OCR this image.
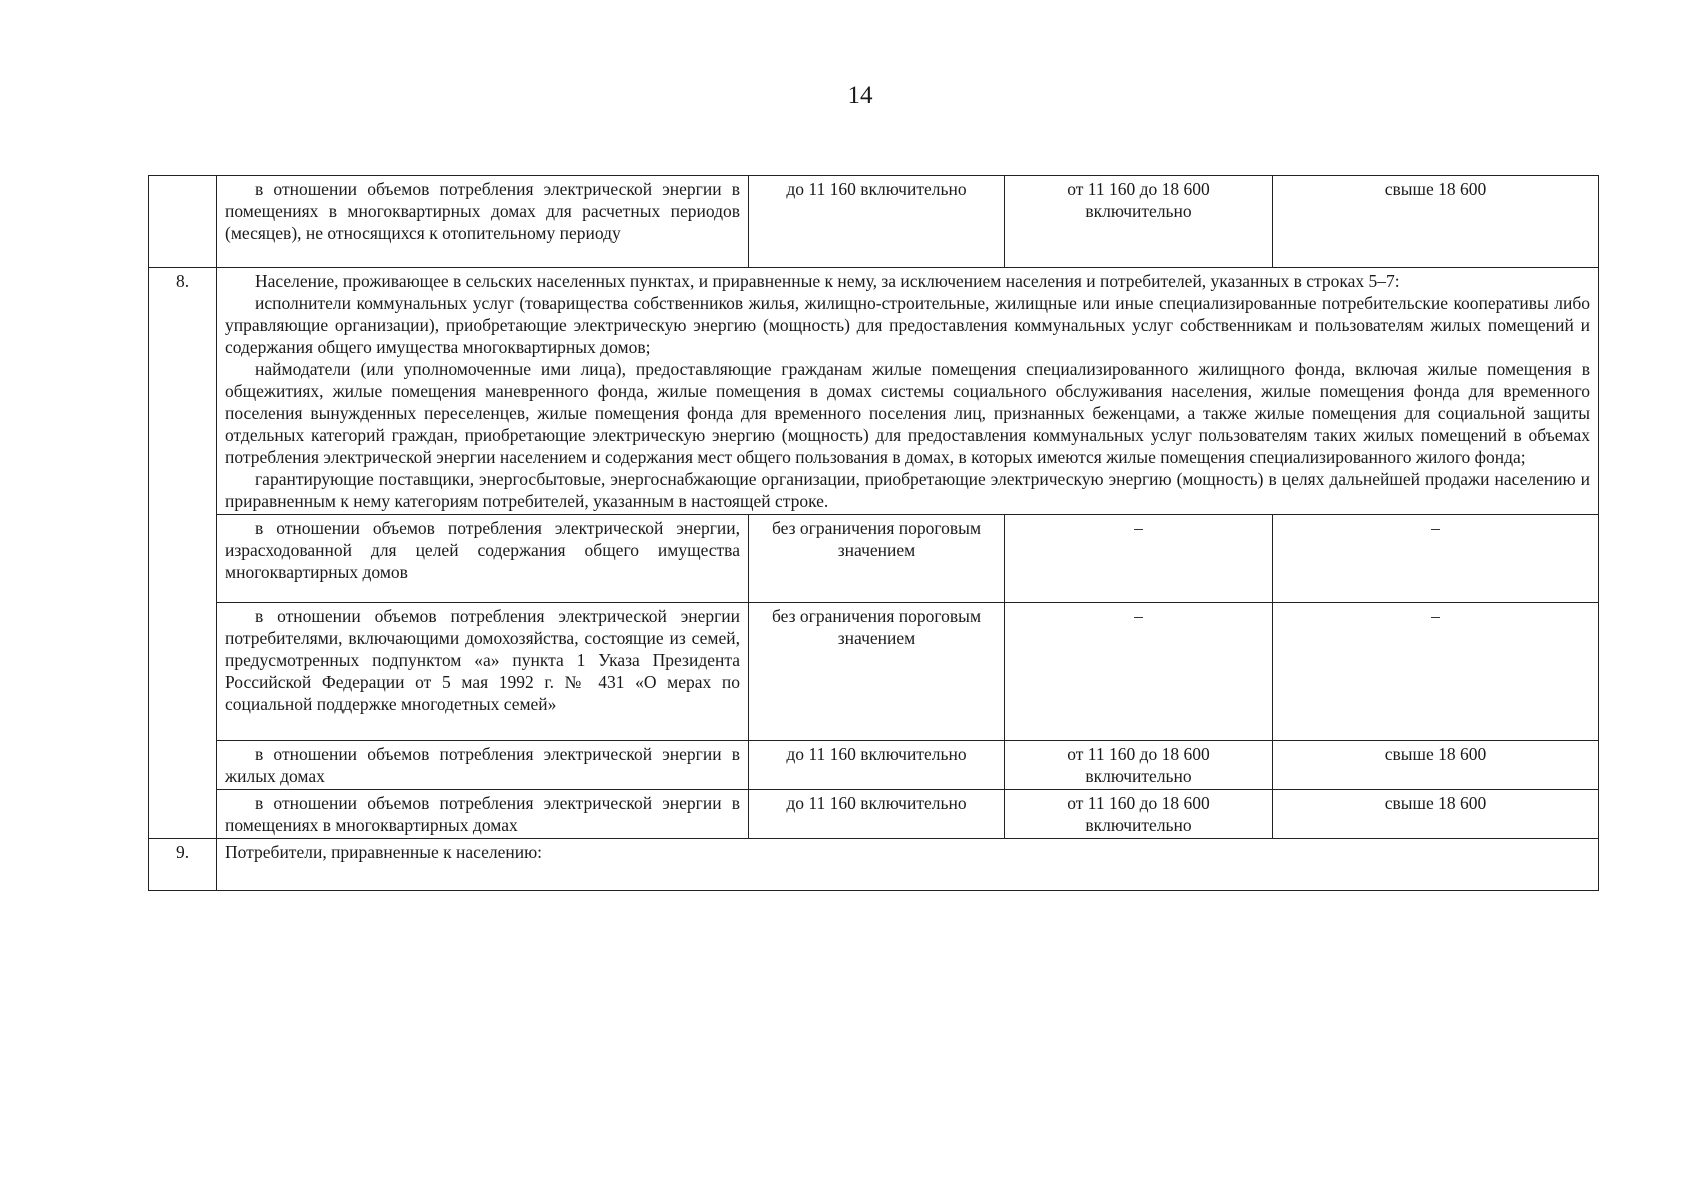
14
	в отношении объемов потребления электрической энергии в помещениях в многоквартирных домах для расчетных периодов (месяцев), не относящихся к отопительному периоду	до 11 160 включительно	от 11 160 до 18 600 включительно	свыше 18 600
8.	Население, проживающее в сельских населенных пунктах, и приравненные к нему, за исключением населения и потребителей, указанных в строках 5–7:

исполнители коммунальных услуг (товарищества собственников жилья, жилищно-строительные, жилищные или иные специализированные потребительские кооперативы либо управляющие организации), приобретающие электрическую энергию (мощность) для предоставления коммунальных услуг собственникам и пользователям жилых помещений и содержания общего имущества многоквартирных домов;

наймодатели (или уполномоченные ими лица), предоставляющие гражданам жилые помещения специализированного жилищного фонда, включая жилые помещения в общежитиях, жилые помещения маневренного фонда, жилые помещения в домах системы социального обслуживания населения, жилые помещения фонда для временного поселения вынужденных переселенцев, жилые помещения фонда для временного поселения лиц, признанных беженцами, а также жилые помещения для социальной защиты отдельных категорий граждан, приобретающие электрическую энергию (мощность) для предоставления коммунальных услуг пользователям таких жилых помещений в объемах потребления электрической энергии населением и содержания мест общего пользования в домах, в которых имеются жилые помещения специализированного жилого фонда;

гарантирующие поставщики, энергосбытовые, энергоснабжающие организации, приобретающие электрическую энергию (мощность) в целях дальнейшей продажи населению и приравненным к нему категориям потребителей, указанным в настоящей строке.			

	в отношении объемов потребления электрической энергии, израсходованной для целей содержания общего имущества многоквартирных домов	без ограничения пороговым значением	–	–
	в отношении объемов потребления электрической энергии потребителями, включающими домохозяйства, состоящие из семей, предусмотренных подпунктом «а» пункта 1 Указа Президента Российской Федерации от 5 мая 1992 г. № 431 «О мерах по социальной поддержке многодетных семей»	без ограничения пороговым значением	–	–
	в отношении объемов потребления электрической энергии в жилых домах	до 11 160 включительно	от 11 160 до 18 600 включительно	свыше 18 600
	в отношении объемов потребления электрической энергии в помещениях в многоквартирных домах	до 11 160 включительно	от 11 160 до 18 600 включительно	свыше 18 600
9.	Потребители, приравненные к населению:			
